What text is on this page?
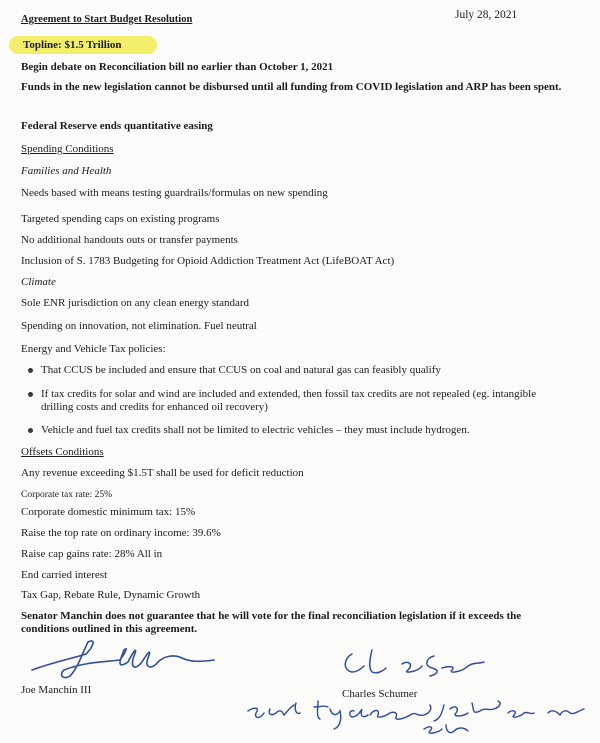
July 28, 2021
Agreement to Start Budget Resolution
Topline: $1.5 Trillion
Begin debate on Reconciliation bill no earlier than October 1, 2021
Funds in the new legislation cannot be disbursed until all funding from COVID legislation and ARP has been spent.
Federal Reserve ends quantitative easing
Spending Conditions
Families and Health
Needs based with means testing guardrails/formulas on new spending
Targeted spending caps on existing programs
No additional handouts outs or transfer payments
Inclusion of S. 1783 Budgeting for Opioid Addiction Treatment Act (LifeBOAT Act)
Climate
Sole ENR jurisdiction on any clean energy standard
Spending on innovation, not elimination. Fuel neutral
Energy and Vehicle Tax policies:
That CCUS be included and ensure that CCUS on coal and natural gas can feasibly qualify
If tax credits for solar and wind are included and extended, then fossil tax credits are not repealed (eg. intangible drilling costs and credits for enhanced oil recovery)
Vehicle and fuel tax credits shall not be limited to electric vehicles – they must include hydrogen.
Offsets Conditions
Any revenue exceeding $1.5T shall be used for deficit reduction
Corporate tax rate: 25%
Corporate domestic minimum tax: 15%
Raise the top rate on ordinary income: 39.6%
Raise cap gains rate: 28% All in
End carried interest
Tax Gap, Rebate Rule, Dynamic Growth
Senator Manchin does not guarantee that he will vote for the final reconciliation legislation if it exceeds the conditions outlined in this agreement.
Joe Manchin III	Charles Schumer
